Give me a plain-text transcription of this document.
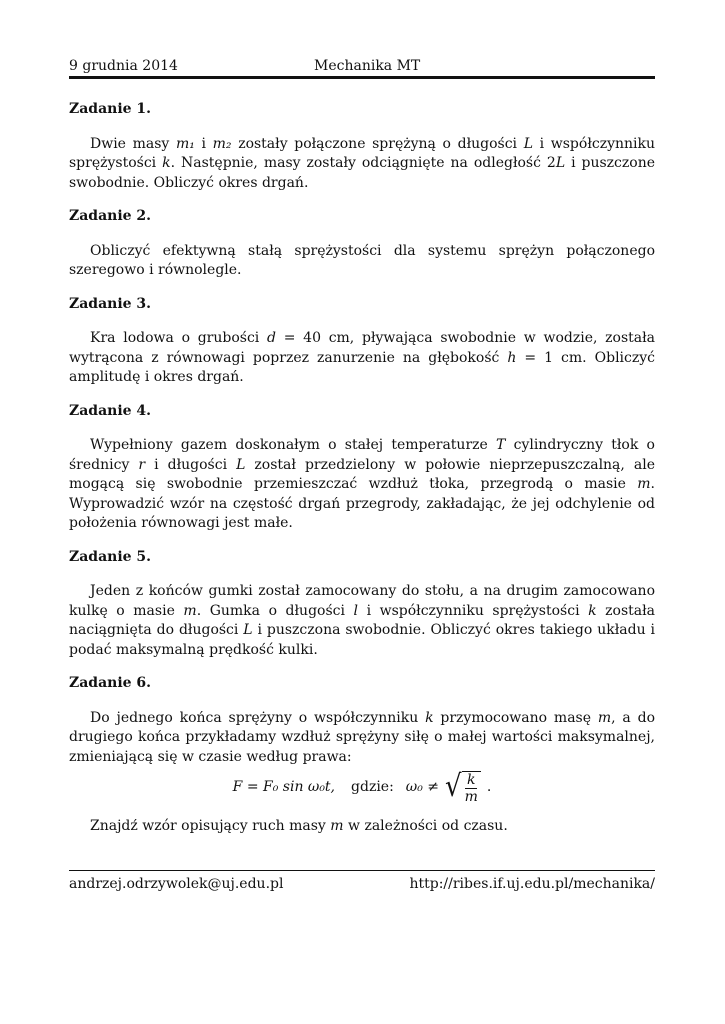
9 grudnia 2014	Mechanika MT

Zadanie 1.

Dwie masy m₁ i m₂ zostały połączone sprężyną o długości L i współczynniku sprężystości k. Następnie, masy zostały odciągnięte na odległość 2L i puszczone swobodnie. Obliczyć okres drgań.

Zadanie 2.

Obliczyć efektywną stałą sprężystości dla systemu sprężyn połączonego szeregowo i równolegle.

Zadanie 3.

Kra lodowa o grubości d = 40 cm, pływająca swobodnie w wodzie, została wytrącona z równowagi poprzez zanurzenie na głębokość h = 1 cm. Obliczyć amplitudę i okres drgań.

Zadanie 4.

Wypełniony gazem doskonałym o stałej temperaturze T cylindryczny tłok o średnicy r i długości L został przedzielony w połowie nieprzepuszczalną, ale mogącą się swobodnie przemieszczać wzdłuż tłoka, przegrodą o masie m. Wyprowadzić wzór na częstość drgań przegrody, zakładając, że jej odchylenie od położenia równowagi jest małe.

Zadanie 5.

Jeden z końców gumki został zamocowany do stołu, a na drugim zamocowano kulkę o masie m. Gumka o długości l i współczynniku sprężystości k została naciągnięta do długości L i puszczona swobodnie. Obliczyć okres takiego układu i podać maksymalną prędkość kulki.

Zadanie 6.

Do jednego końca sprężyny o współczynniku k przymocowano masę m, a do drugiego końca przykładamy wzdłuż sprężyny siłę o małej wartości maksymalnej, zmieniającą się w czasie według prawa:

F = F₀ sin ω₀t, gdzie: ω₀ ≠ √ $\frac{k}{m}$ .

Znajdź wzór opisujący ruch masy m w zależności od czasu.

andrzej.odrzywolek@uj.edu.pl	http://ribes.if.uj.edu.pl/mechanika/
